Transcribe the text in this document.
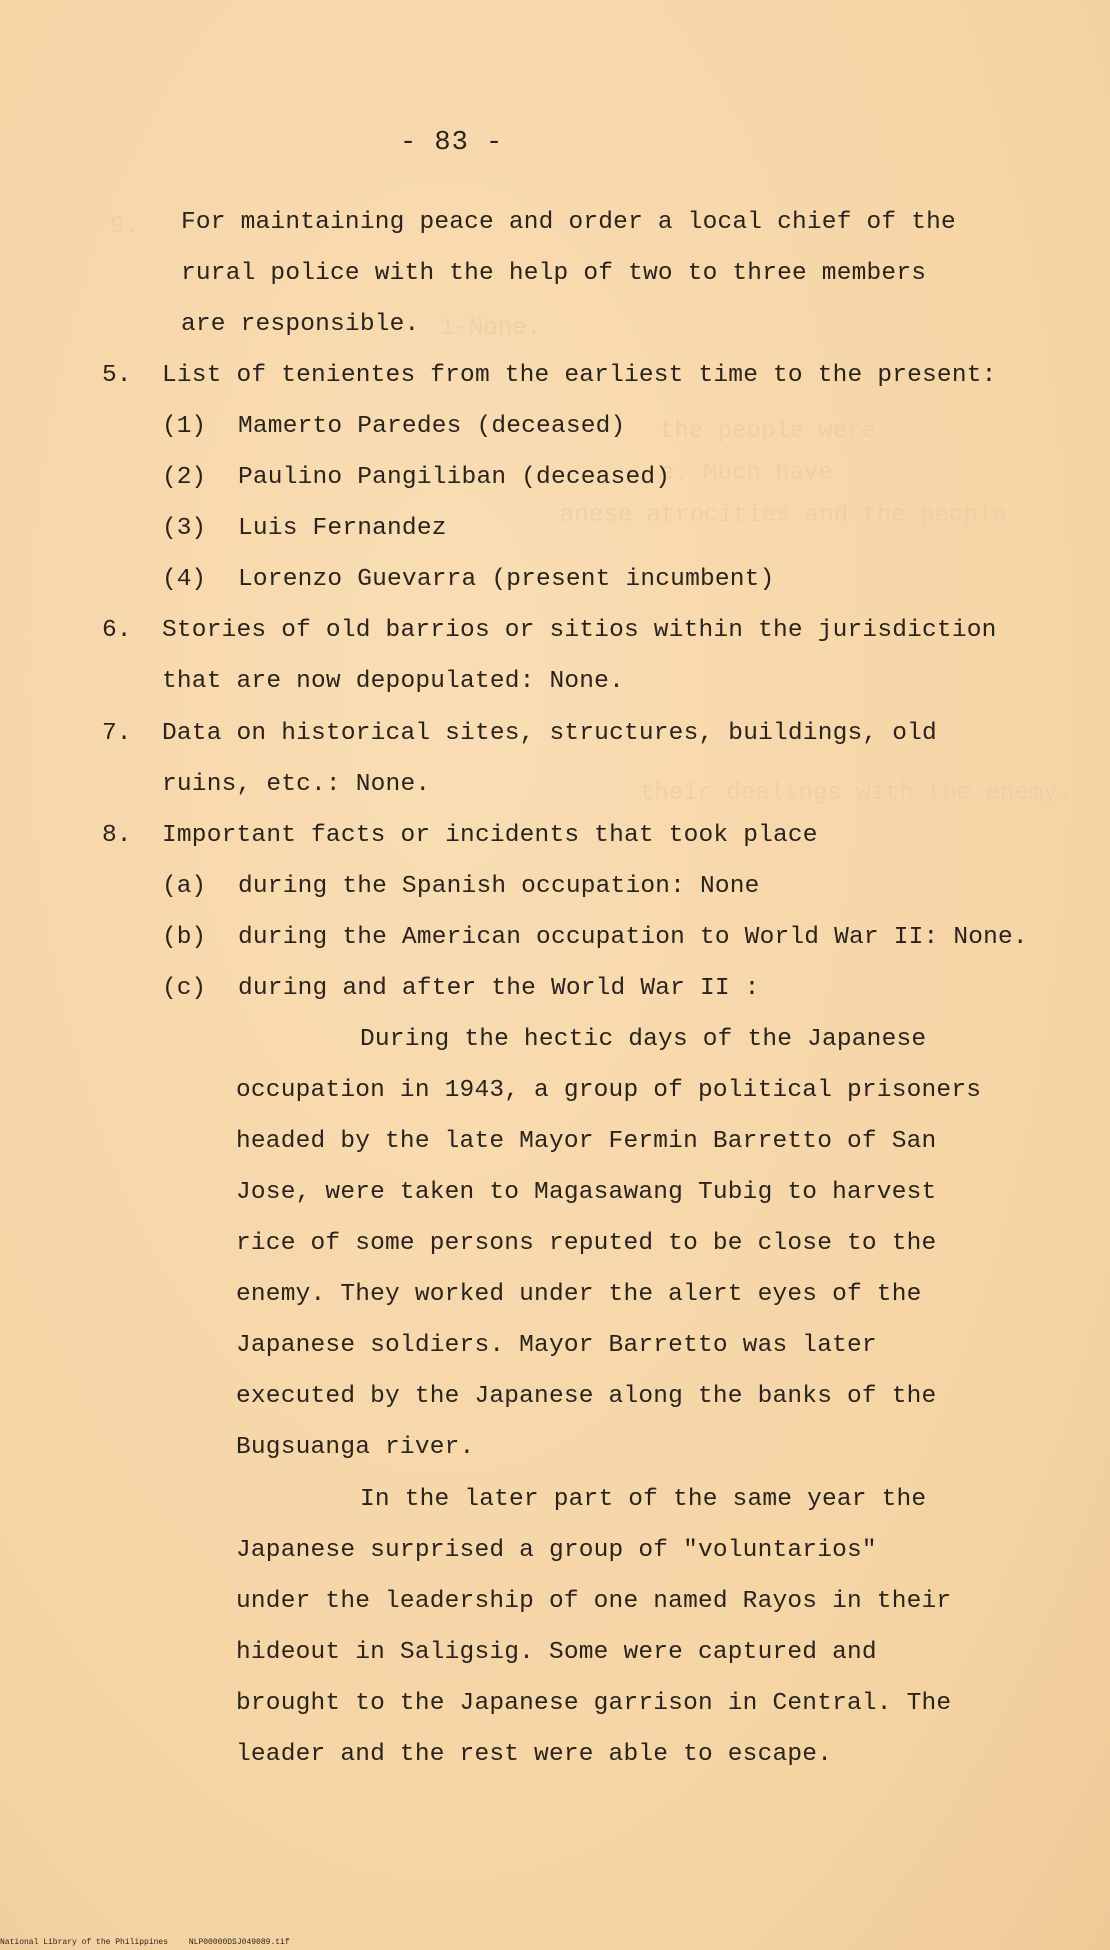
9.
1-None.
the people were
e. Much have
anese atrocities and the people
their dealings with the enemy.
- 83 -
For maintaining peace and order a local chief of the
rural police with the help of two to three members
are responsible.
5. List of tenientes from the earliest time to the present:
(1) Mamerto Paredes (deceased)
(2) Paulino Pangiliban (deceased)
(3) Luis Fernandez
(4) Lorenzo Guevarra (present incumbent)
6. Stories of old barrios or sitios within the jurisdiction
that are now depopulated: None.
7. Data on historical sites, structures, buildings, old
ruins, etc.: None.
8. Important facts or incidents that took place
(a) during the Spanish occupation: None
(b) during the American occupation to World War II: None.
(c) during and after the World War II :
During the hectic days of the Japanese
occupation in 1943, a group of political prisoners
headed by the late Mayor Fermin Barretto of San
Jose, were taken to Magasawang Tubig to harvest
rice of some persons reputed to be close to the
enemy. They worked under the alert eyes of the
Japanese soldiers. Mayor Barretto was later
executed by the Japanese along the banks of the
Bugsuanga river.
In the later part of the same year the
Japanese surprised a group of "voluntarios"
under the leadership of one named Rayos in their
hideout in Saligsig. Some were captured and
brought to the Japanese garrison in Central. The
leader and the rest were able to escape.
National Library of the Philippines	NLP00000DSJ049089.tif
